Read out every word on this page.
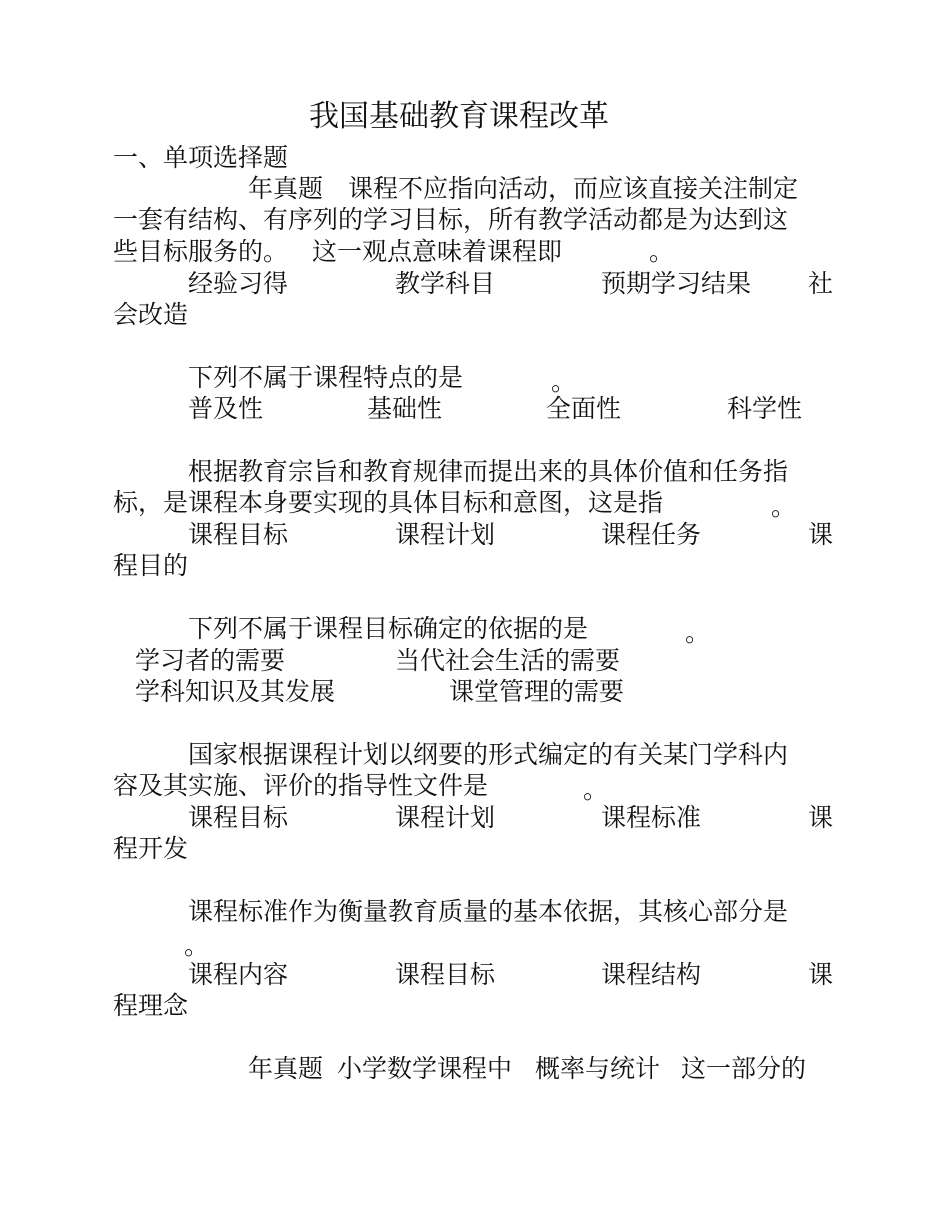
我国基础教育课程改革
一、单项选择题
年真题 课程不应指向活动，而应该直接关注制定
一套有结构、有序列的学习目标，所有教学活动都是为达到这
些目标服务的。 这一观点意味着课程即	。
经验习得	教学科目	预期学习结果 社
会改造
下列不属于课程特点的是	。
普及性	基础性	全面性	科学性
根据教育宗旨和教育规律而提出来的具体价值和任务指
标，是课程本身要实现的具体目标和意图，这是指	。
课程目标	课程计划	课程任务	课
程目的
下列不属于课程目标确定的依据的是	。
学习者的需要	当代社会生活的需要
学科知识及其发展	课堂管理的需要
国家根据课程计划以纲要的形式编定的有关某门学科内
容及其实施、评价的指导性文件是	。
课程目标	课程计划	课程标准	课
程开发
课程标准作为衡量教育质量的基本依据，其核心部分是
。
课程内容	课程目标	课程结构	课
程理念
年真题 小学数学课程中 概率与统计 这一部分的
